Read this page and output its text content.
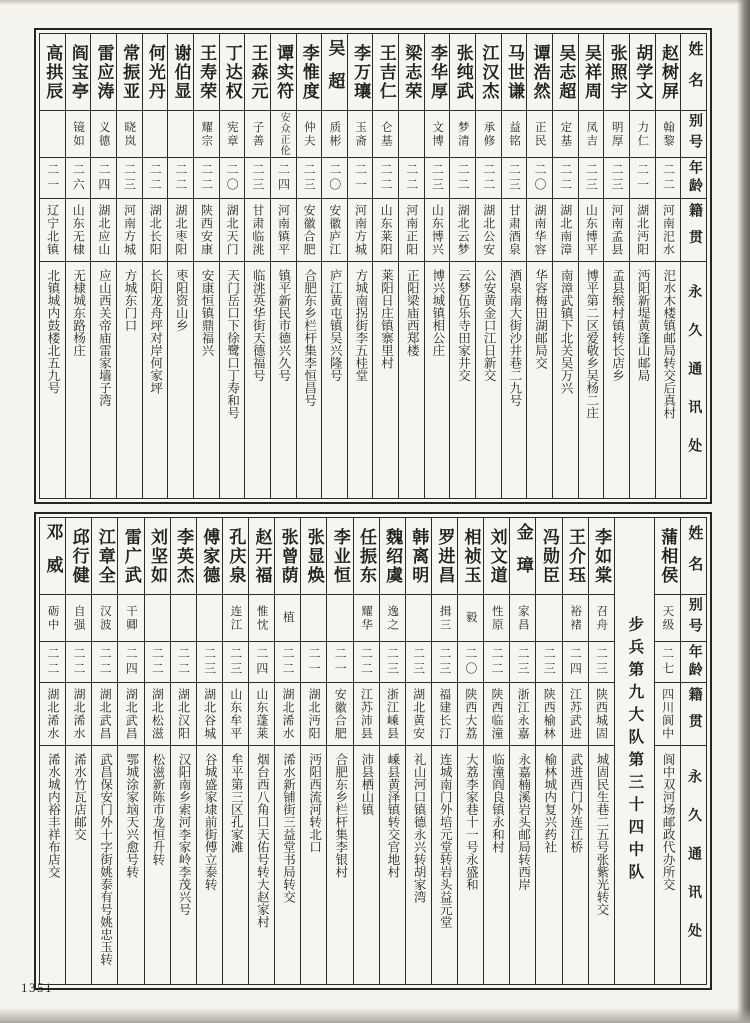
姓名
别号
年龄
籍贯
永久通讯处
赵树屏
翰黎
二二
河南汜水
汜水木楼镇邮局转交后真村
胡学文
力仁
二一
湖北沔阳
沔阳新堤黄蓬山邮局
张照宇
明厚
二三
河南孟县
孟县缑村镇转长店乡
吴祥周
凤吉
二三
山东博平
博平第二区爱敬乡吴杨二庄
吴志超
定基
二二
湖北南漳
南漳武镇下北关吴万兴
谭浩然
正民
二〇
湖南华容
华容梅田湖邮局交
马世谦
益铭
二三
甘肃酒泉
酒泉南大街沙井巷二九号
江汉杰
承修
二二
湖北公安
公安黄金口江日新交
张纯武
梦清
二二
湖北云梦
云梦伍乐寺田家井交
李华厚
文博
二三
山东博兴
博兴城镇相公庄
梁志荣
二二
河南正阳
正阳梁庙西郑楼
王吉仁
仑基
二二
山东莱阳
莱阳日庄镇寨里村
李万瓖
玉斋
二一
河南方城
方城南拐街李五桂堂
吴超
质彬
二〇
安徽庐江
庐江黄屯镇吴兴隆号
李惟度
仲夫
二三
安徽合肥
合肥东乡栏杆集李恒昌号
谭实符
安众正伦
二四
河南镇平
镇平新民市德兴久号
王森元
子善
二三
甘肃临洮
临洮英华街天德福号
丁达权
宪章
二〇
湖北天门
天门岳口下徐鹭口丁寿和号
王寿荣
耀宗
二二
陕西安康
安康恒镇鼎福兴
谢伯显
二二
湖北枣阳
枣阳资山乡
何光丹
二二
湖北长阳
长阳龙舟坪对岸何家坪
常振亚
晓岚
二三
河南方城
方城东门口
雷应涛
义德
二四
湖北应山
应山西关帝庙雷家墙子湾
阎宝亭
镜如
二六
山东无棣
无棣城东路杨庄
高拱辰
二一
辽宁北镇
北镇城内鼓楼北五九号
姓名
别号
年龄
籍贯
永久通讯处
蒲相侯
天级
二七
四川阆中
阆中双河场邮政代办所交
步兵第九大队第三十四中队
李如棠
召舟
二三
陕西城固
城固民生巷二五号张紫光转交
王介珏
裕褚
二四
江苏武进
武进西门外连江桥
冯勋臣
二三
陕西榆林
榆林城内复兴药社
金璋
家昌
二三
浙江永嘉
永嘉楠溪岩头邮局转西岸
刘文道
性原
二二
陕西临潼
临潼阎良镇永和村
相祯玉
毅
二〇
陕西大荔
大荔李家巷十一号永盛和
罗进昌
揖三
二三
福建长汀
连城南门外培元堂转岩头益元堂
韩离明
二三
湖北黄安
礼山河口镇德永兴转胡家湾
魏绍虞
逸之
二三
浙江嵊县
嵊县黄泽镇转交官地村
任振东
耀华
二二
江苏沛县
沛县栖山镇
李业恒
二一
安徽合肥
合肥东乡栏杆集李银村
张显焕
二一
湖北沔阳
沔阳西流河转北口
张曾荫
植
二二
湖北浠水
浠水新铺街三益堂书局转交
赵开福
惟忱
二四
山东蓬莱
烟台西八角口天佑号转大赵家村
孔庆泉
连江
二三
山东牟平
牟平第三区孔家滩
傅家德
二三
湖北谷城
谷城盛家埭前街傅立泰转
李英杰
二二
湖北汉阳
汉阳南乡索河李家岭李茂兴号
刘坚如
二二
湖北松滋
松滋新陈市龙恒升转
雷广武
干卿
二四
湖北武昌
鄂城涂家垴天兴愈号转
江章全
汉波
二二
湖北武昌
武昌保安门外十字街姚泰有号姚忠玉转
邱行健
自强
二二
湖北浠水
浠水竹瓦店邮交
邓威
砺中
二二
湖北浠水
浠水城内裕丰祥布店交
1351
